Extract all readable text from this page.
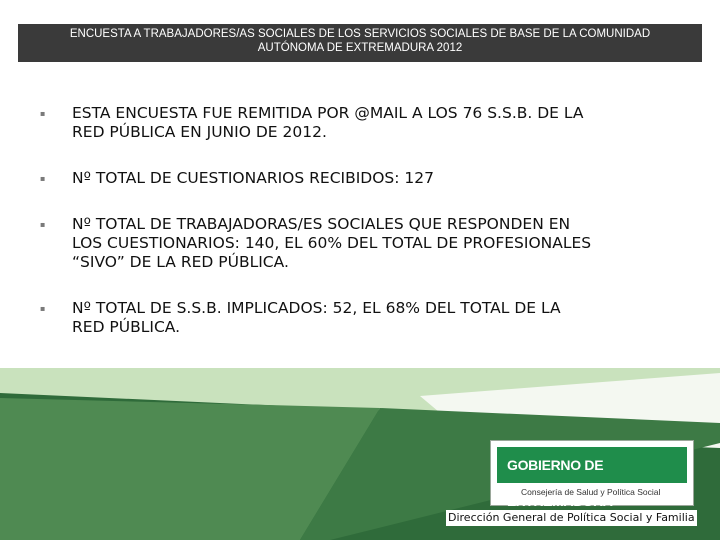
ENCUESTA A TRABAJADORES/AS SOCIALES DE LOS SERVICIOS SOCIALES DE BASE DE LA COMUNIDAD
AUTÓNOMA DE EXTREMADURA 2012
▪ ESTA ENCUESTA FUE REMITIDA POR @MAIL A LOS 76 S.S.B. DE LA
RED PÚBLICA EN JUNIO DE 2012.
▪ Nº TOTAL DE CUESTIONARIOS RECIBIDOS: 127
▪ Nº TOTAL DE TRABAJADORAS/ES SOCIALES QUE RESPONDEN EN
LOS CUESTIONARIOS: 140, EL 60% DEL TOTAL DE PROFESIONALES
“SIVO” DE LA RED PÚBLICA.
▪ Nº TOTAL DE S.S.B. IMPLICADOS: 52, EL 68% DEL TOTAL DE LA
RED PÚBLICA.
GOBIERNO DE EXTREMADURA
Consejería de Salud y Política Social
Dirección General de Política Social y Familia
